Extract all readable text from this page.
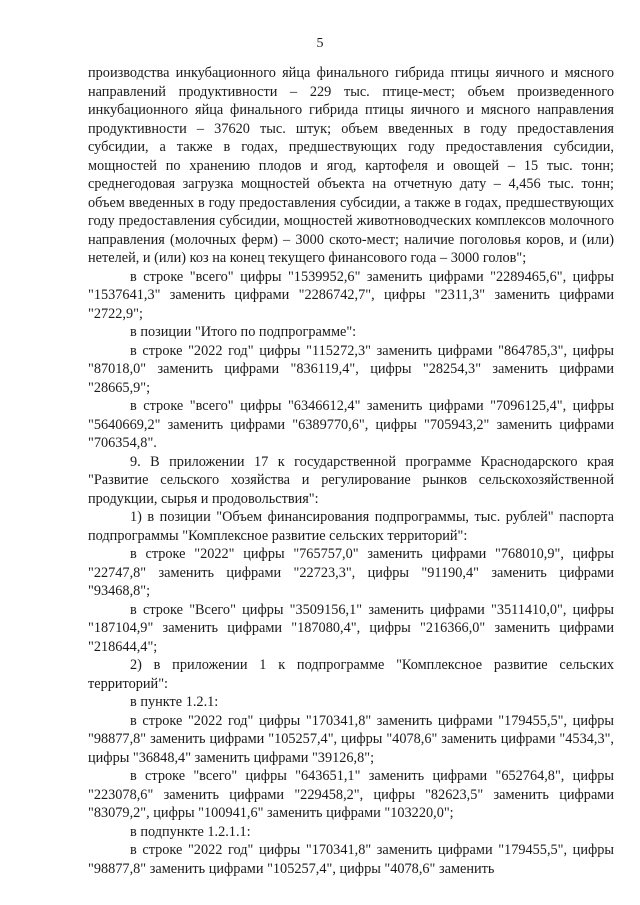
5

производства инкубационного яйца финального гибрида птицы яичного и мясного направлений продуктивности – 229 тыс. птице-мест; объем произведенного инкубационного яйца финального гибрида птицы яичного и мясного направления продуктивности – 37620 тыс. штук; объем введенных в году предоставления субсидии, а также в годах, предшествующих году предоставления субсидии, мощностей по хранению плодов и ягод, картофеля и овощей – 15 тыс. тонн; среднегодовая загрузка мощностей объекта на отчетную дату – 4,456 тыс. тонн; объем введенных в году предоставления субсидии, а также в годах, предшествующих году предоставления субсидии, мощностей животноводческих комплексов молочного направления (молочных ферм) – 3000 ското-мест; наличие поголовья коров, и (или) нетелей, и (или) коз на конец текущего финансового года – 3000 голов";

в строке "всего" цифры "1539952,6" заменить цифрами "2289465,6", цифры "1537641,3" заменить цифрами "2286742,7", цифры "2311,3" заменить цифрами "2722,9";

в позиции "Итого по подпрограмме":

в строке "2022 год" цифры "115272,3" заменить цифрами "864785,3", цифры "87018,0" заменить цифрами "836119,4", цифры "28254,3" заменить цифрами "28665,9";

в строке "всего" цифры "6346612,4" заменить цифрами "7096125,4", цифры "5640669,2" заменить цифрами "6389770,6", цифры "705943,2" заменить цифрами "706354,8".

9. В приложении 17 к государственной программе Краснодарского края "Развитие сельского хозяйства и регулирование рынков сельскохозяйственной продукции, сырья и продовольствия":

1) в позиции "Объем финансирования подпрограммы, тыс. рублей" паспорта подпрограммы "Комплексное развитие сельских территорий":

в строке "2022" цифры "765757,0" заменить цифрами "768010,9", цифры "22747,8" заменить цифрами "22723,3", цифры "91190,4" заменить цифрами "93468,8";

в строке "Всего" цифры "3509156,1" заменить цифрами "3511410,0", цифры "187104,9" заменить цифрами "187080,4", цифры "216366,0" заменить цифрами "218644,4";

2) в приложении 1 к подпрограмме "Комплексное развитие сельских территорий":

в пункте 1.2.1:

в строке "2022 год" цифры "170341,8" заменить цифрами "179455,5", цифры "98877,8" заменить цифрами "105257,4", цифры "4078,6" заменить цифрами "4534,3", цифры "36848,4" заменить цифрами "39126,8";

в строке "всего" цифры "643651,1" заменить цифрами "652764,8", цифры "223078,6" заменить цифрами "229458,2", цифры "82623,5" заменить цифрами "83079,2", цифры "100941,6" заменить цифрами "103220,0";

в подпункте 1.2.1.1:

в строке "2022 год" цифры "170341,8" заменить цифрами "179455,5", цифры "98877,8" заменить цифрами "105257,4", цифры "4078,6" заменить
